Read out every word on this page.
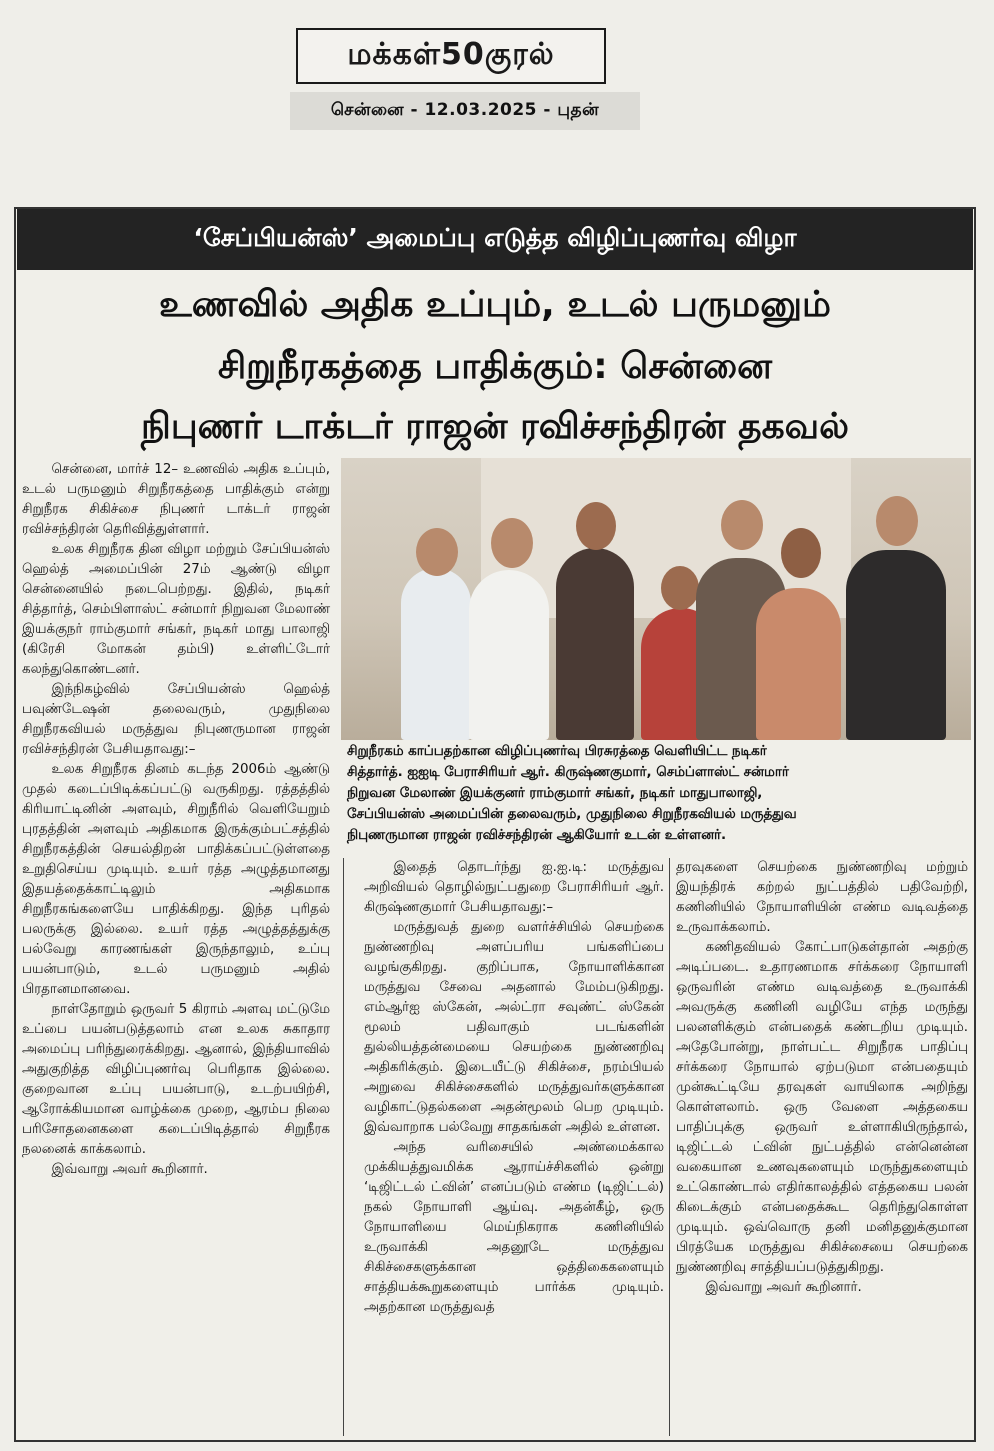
மக்கள்50குரல்
சென்னை - 12.03.2025 - புதன்
‘சேப்பியன்ஸ்’ அமைப்பு எடுத்த விழிப்புணர்வு விழா
உணவில் அதிக உப்பும், உடல் பருமனும்
சிறுநீரகத்தை பாதிக்கும்: சென்னை
நிபுணர் டாக்டர் ராஜன் ரவிச்சந்திரன் தகவல்

சிறுநீரகம் காப்பதற்கான விழிப்புணர்வு பிரசுரத்தை வெளியிட்ட நடிகர்

சித்தார்த். ஐஐடி பேராசிரியர் ஆர். கிருஷ்ணகுமார், செம்ப்ளாஸ்ட் சன்மார்

நிறுவன மேலாண் இயக்குனர் ராம்குமார் சங்கர், நடிகர் மாதுபாலாஜி,

சேப்பியன்ஸ் அமைப்பின் தலைவரும், முதுநிலை சிறுநீரகவியல் மருத்துவ

நிபுணருமான ராஜன் ரவிச்சந்திரன் ஆகியோர் உடன் உள்ளனர்.

சென்னை, மார்ச் 12– உணவில் அதிக உப்பும், உடல் பருமனும் சிறுநீரகத்தை பாதிக்கும் என்று சிறுநீரக சிகிச்சை நிபுணர் டாக்டர் ராஜன் ரவிச்சந்திரன் தெரிவித்துள்ளார்.

உலக சிறுநீரக தின விழா மற்றும் சேப்பியன்ஸ் ஹெல்த் அமைப்பின் 27ம் ஆண்டு விழா சென்னையில் நடைபெற்றது. இதில், நடிகர் சித்தார்த், செம்பிளாஸ்ட் சன்மார் நிறுவன மேலாண் இயக்குநர் ராம்குமார் சங்கர், நடிகர் மாது பாலாஜி (கிரேசி மோகன் தம்பி) உள்ளிட்டோர் கலந்துகொண்டனர்.

இந்நிகழ்வில் சேப்பியன்ஸ் ஹெல்த் பவுண்டேஷன் தலைவரும், முதுநிலை சிறுநீரகவியல் மருத்துவ நிபுணருமான ராஜன் ரவிச்சந்திரன் பேசியதாவது:–

உலக சிறுநீரக தினம் கடந்த 2006ம் ஆண்டு முதல் கடைப்பிடிக்கப்பட்டு வருகிறது. ரத்தத்தில் கிரியாட்டினின் அளவும், சிறுநீரில் வெளியேறும் புரதத்தின் அளவும் அதிகமாக இருக்கும்பட்சத்தில் சிறுநீரகத்தின் செயல்திறன் பாதிக்கப்பட்டுள்ளதை உறுதிசெய்ய முடியும். உயர் ரத்த அழுத்தமானது இதயத்தைக்காட்டிலும் அதிகமாக சிறுநீரகங்களையே பாதிக்கிறது. இந்த புரிதல் பலருக்கு இல்லை. உயர் ரத்த அழுத்தத்துக்கு பல்வேறு காரணங்கள் இருந்தாலும், உப்பு பயன்பாடும், உடல் பருமனும் அதில் பிரதானமானவை.

நாள்தோறும் ஒருவர் 5 கிராம் அளவு மட்டுமே உப்பை பயன்படுத்தலாம் என உலக சுகாதார அமைப்பு பரிந்துரைக்கிறது. ஆனால், இந்தியாவில் அதுகுறித்த விழிப்புணர்வு பெரிதாக இல்லை. குறைவான உப்பு பயன்பாடு, உடற்பயிற்சி, ஆரோக்கியமான வாழ்க்கை முறை, ஆரம்ப நிலை பரிசோதனைகளை கடைப்பிடித்தால் சிறுநீரக நலனைக் காக்கலாம்.

இவ்வாறு அவர் கூறினார்.

இதைத் தொடர்ந்து ஐ.ஐ.டி: மருத்துவ அறிவியல் தொழில்நுட்பதுறை பேராசிரியர் ஆர். கிருஷ்ணகுமார் பேசியதாவது:–

மருத்துவத் துறை வளர்ச்சியில் செயற்கை நுண்ணறிவு அளப்பரிய பங்களிப்பை வழங்குகிறது. குறிப்பாக, நோயாளிக்கான மருத்துவ சேவை அதனால் மேம்படுகிறது. எம்ஆர்ஐ ஸ்கேன், அல்ட்ரா சவுண்ட் ஸ்கேன் மூலம் பதிவாகும் படங்களின் துல்லியத்தன்மையை செயற்கை நுண்ணறிவு அதிகரிக்கும். இடையீட்டு சிகிச்சை, நரம்பியல் அறுவை சிகிச்சைகளில் மருத்துவர்களுக்கான வழிகாட்டுதல்களை அதன்மூலம் பெற முடியும். இவ்வாறாக பல்வேறு சாதகங்கள் அதில் உள்ளன.

அந்த வரிசையில் அண்மைக்கால முக்கியத்துவமிக்க ஆராய்ச்சிகளில் ஒன்று ‘டிஜிட்டல் ட்வின்’ எனப்படும் எண்ம (டிஜிட்டல்) நகல் நோயாளி ஆய்வு. அதன்கீழ், ஒரு நோயாளியை மெய்நிகராக கணினியில் உருவாக்கி அதனூடே மருத்துவ சிகிச்சைகளுக்கான ஒத்திகைகளையும் சாத்தியக்கூறுகளையும் பார்க்க முடியும். அதற்கான மருத்துவத்

தரவுகளை செயற்கை நுண்ணறிவு மற்றும் இயந்திரக் கற்றல் நுட்பத்தில் பதிவேற்றி, கணினியில் நோயாளியின் எண்ம வடிவத்தை உருவாக்கலாம்.

கணிதவியல் கோட்பாடுகள்தான் அதற்கு அடிப்படை. உதாரணமாக சர்க்கரை நோயாளி ஒருவரின் எண்ம வடிவத்தை உருவாக்கி அவருக்கு கணினி வழியே எந்த மருந்து பலனளிக்கும் என்பதைக் கண்டறிய முடியும். அதேபோன்று, நாள்பட்ட சிறுநீரக பாதிப்பு சர்க்கரை நோயால் ஏற்படுமா என்பதையும் முன்கூட்டியே தரவுகள் வாயிலாக அறிந்து கொள்ளலாம். ஒரு வேளை அத்தகைய பாதிப்புக்கு ஒருவர் உள்ளாகியிருந்தால், டிஜிட்டல் ட்வின் நுட்பத்தில் என்னென்ன வகையான உணவுகளையும் மருந்துகளையும் உட்கொண்டால் எதிர்காலத்தில் எத்தகைய பலன் கிடைக்கும் என்பதைக்கூட தெரிந்துகொள்ள முடியும். ஒவ்வொரு தனி மனிதனுக்குமான பிரத்யேக மருத்துவ சிகிச்சையை செயற்கை நுண்ணறிவு சாத்தியப்படுத்துகிறது.

இவ்வாறு அவர் கூறினார்.
